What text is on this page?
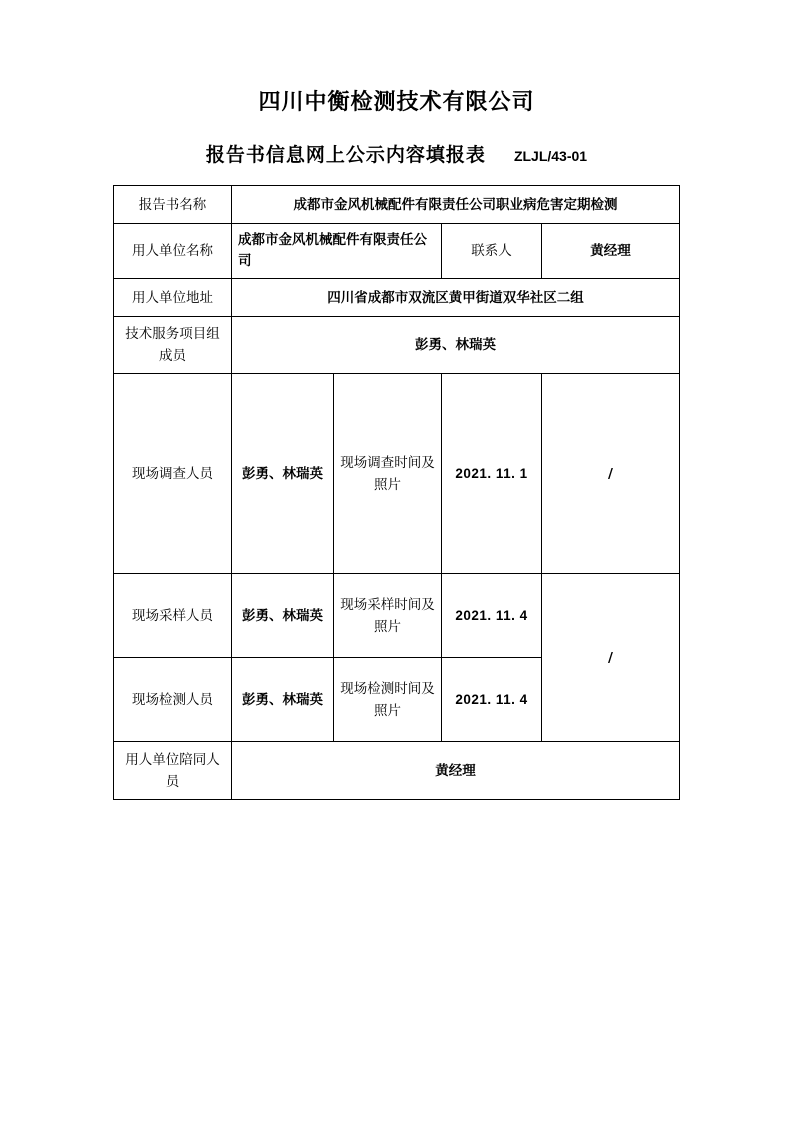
四川中衡检测技术有限公司
报告书信息网上公示内容填报表 ZLJL/43-01
报告书名称	成都市金风机械配件有限责任公司职业病危害定期检测			
用人单位名称	成都市金风机械配件有限责任公司		联系人	黄经理
用人单位地址	四川省成都市双流区黄甲街道双华社区二组			
技术服务项目组成员	彭勇、林瑞英			
现场调查人员	彭勇、林瑞英	现场调查时间及照片	2021. 11. 1	/
现场采样人员	彭勇、林瑞英	现场采样时间及照片	2021. 11. 4	/
现场检测人员	彭勇、林瑞英	现场检测时间及照片	2021. 11. 4	
用人单位陪同人员	黄经理			
